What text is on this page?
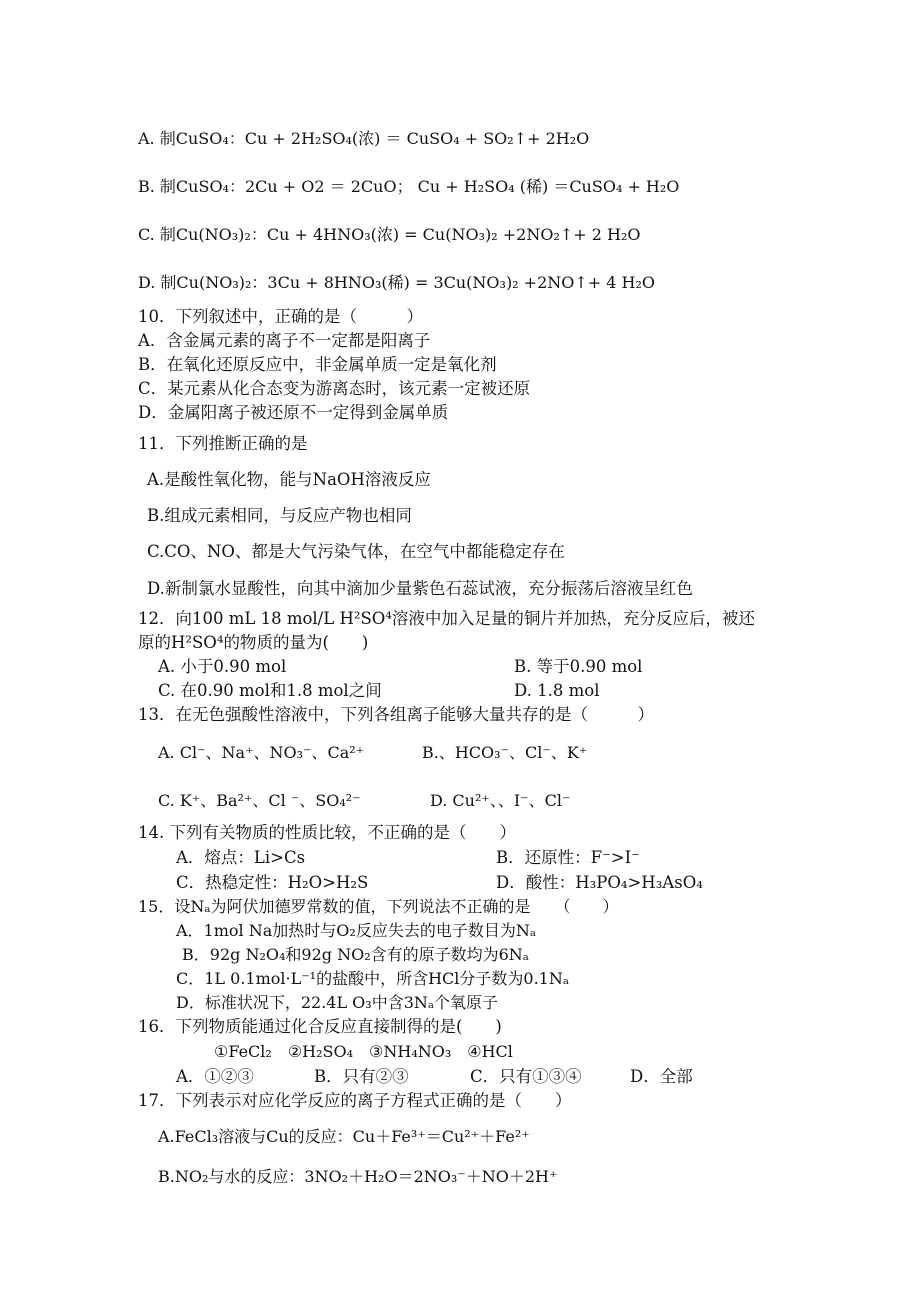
A. 制CuSO₄：Cu + 2H₂SO₄(浓) ＝ CuSO₄ + SO₂↑+ 2H₂O
B. 制CuSO₄：2Cu + O2 ＝ 2CuO； Cu + H₂SO₄ (稀) ＝CuSO₄ + H₂O
C. 制Cu(NO₃)₂：Cu + 4HNO₃(浓) = Cu(NO₃)₂ +2NO₂↑+ 2 H₂O
D. 制Cu(NO₃)₂：3Cu + 8HNO₃(稀) = 3Cu(NO₃)₂ +2NO↑+ 4 H₂O
10．下列叙述中，正确的是（　　　）
A．含金属元素的离子不一定都是阳离子
B．在氧化还原反应中，非金属单质一定是氧化剂
C．某元素从化合态变为游离态时，该元素一定被还原
D．金属阳离子被还原不一定得到金属单质
11．下列推断正确的是
A.是酸性氧化物，能与NaOH溶液反应
B.组成元素相同，与反应产物也相同
C.CO、NO、都是大气污染气体，在空气中都能稳定存在
D.新制氯水显酸性，向其中滴加少量紫色石蕊试液，充分振荡后溶液呈红色
12．向100 mL 18 mol/L H²SO⁴溶液中加入足量的铜片并加热，充分反应后，被还
原的H²SO⁴的物质的量为(　　)
A. 小于0.90 mol	B. 等于0.90 mol
C. 在0.90 mol和1.8 mol之间	D. 1.8 mol
13．在无色强酸性溶液中，下列各组离子能够大量共存的是（　　　）
A. Cl⁻、Na⁺、NO₃⁻、Ca²⁺	B.、HCO₃⁻、Cl⁻、K⁺
C. K⁺、Ba²⁺、Cl ⁻、SO₄²⁻	D. Cu²⁺、、I⁻、Cl⁻
14. 下列有关物质的性质比较，不正确的是（　　）
A．熔点：Li>Cs	B．还原性：F⁻>I⁻
C．热稳定性：H₂O>H₂S	D．酸性：H₃PO₄>H₃AsO₄
15．设Nₐ为阿伏加德罗常数的值，下列说法不正确的是　　（　　）
A．1mol Na加热时与O₂反应失去的电子数目为Nₐ
B．92g N₂O₄和92g NO₂含有的原子数均为6Nₐ
C．1L 0.1mol·L⁻¹的盐酸中，所含HCl分子数为0.1Nₐ
D．标准状况下，22.4L O₃中含3Nₐ个氧原子
16．下列物质能通过化合反应直接制得的是(　　)
①FeCl₂　②H₂SO₄　③NH₄NO₃　④HCl
A．①②③	B．只有②③	C．只有①③④	D．全部
17．下列表示对应化学反应的离子方程式正确的是（　　）
A.FeCl₃溶液与Cu的反应：Cu＋Fe³⁺＝Cu²⁺＋Fe²⁺
B.NO₂与水的反应：3NO₂＋H₂O＝2NO₃⁻＋NO＋2H⁺
